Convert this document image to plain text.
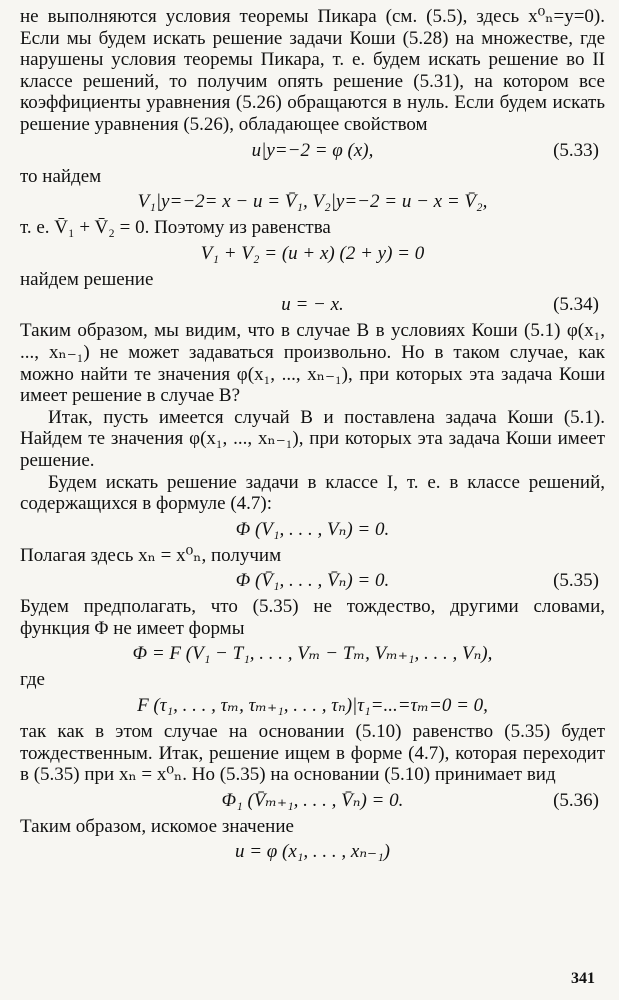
не выполняются условия теоремы Пикара (см. (5.5), здесь x⁰ₙ=y=0). Если мы будем искать решение задачи Коши (5.28) на множестве, где нарушены условия теоремы Пикара, т. е. будем искать решение во II классе решений, то получим опять решение (5.31), на котором все коэффициенты уравнения (5.26) обращаются в нуль. Если будем искать решение уравнения (5.26), обладающее свойством

u|y=−2 = φ (x),	(5.33)

то найдем

V₁|y=−2= x − u = V̄₁, V₂|y=−2 = u − x = V̄₂,

т. е. V̄₁ + V̄₂ = 0. Поэтому из равенства

V₁ + V₂ = (u + x) (2 + y) = 0

найдем решение

u = − x.	(5.34)

Таким образом, мы видим, что в случае B в условиях Коши (5.1) φ(x₁, ..., xₙ₋₁) не может задаваться произвольно. Но в таком случае, как можно найти те значения φ(x₁, ..., xₙ₋₁), при которых эта задача Коши имеет решение в случае B?

Итак, пусть имеется случай B и поставлена задача Коши (5.1). Найдем те значения φ(x₁, ..., xₙ₋₁), при которых эта задача Коши имеет решение.

Будем искать решение задачи в классе I, т. е. в классе решений, содержащихся в формуле (4.7):

Φ (V₁, . . . , Vₙ) = 0.

Полагая здесь xₙ = x⁰ₙ, получим

Φ (V̄₁, . . . , V̄ₙ) = 0.	(5.35)

Будем предполагать, что (5.35) не тождество, другими словами, функция Φ не имеет формы

Φ = F (V₁ − T₁, . . . , Vₘ − Tₘ, Vₘ₊₁, . . . , Vₙ),

где

F (τ₁, . . . , τₘ, τₘ₊₁, . . . , τₙ)|τ₁=...=τₘ=0 = 0,

так как в этом случае на основании (5.10) равенство (5.35) будет тождественным. Итак, решение ищем в форме (4.7), которая переходит в (5.35) при xₙ = x⁰ₙ. Но (5.35) на основании (5.10) принимает вид

Φ₁ (V̄ₘ₊₁, . . . , V̄ₙ) = 0.	(5.36)

Таким образом, искомое значение

u = φ (x₁, . . . , xₙ₋₁)
341
